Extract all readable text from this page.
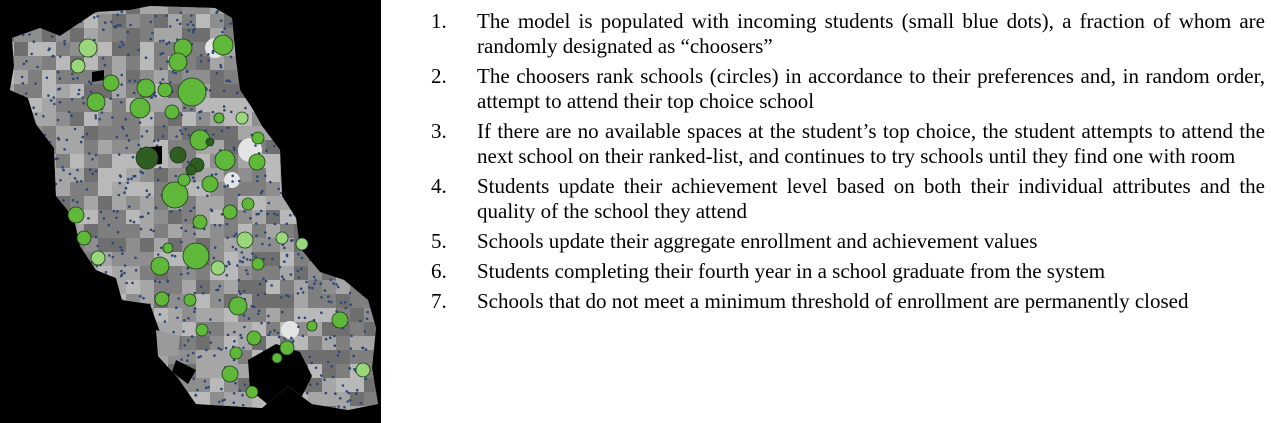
1.	The model is populated with incoming students (small blue dots), a fraction of whom are randomly designated as “choosers”
2.	The choosers rank schools (circles) in accordance to their preferences and, in random order, attempt to attend their top choice school
3.	If there are no available spaces at the student’s top choice, the student attempts to attend the next school on their ranked-list, and continues to try schools until they find one with room
4.	Students update their achievement level based on both their individual attributes and the quality of the school they attend
5.	Schools update their aggregate enrollment and achievement values
6.	Students completing their fourth year in a school graduate from the system
7.	Schools that do not meet a minimum threshold of enrollment are permanently closed
